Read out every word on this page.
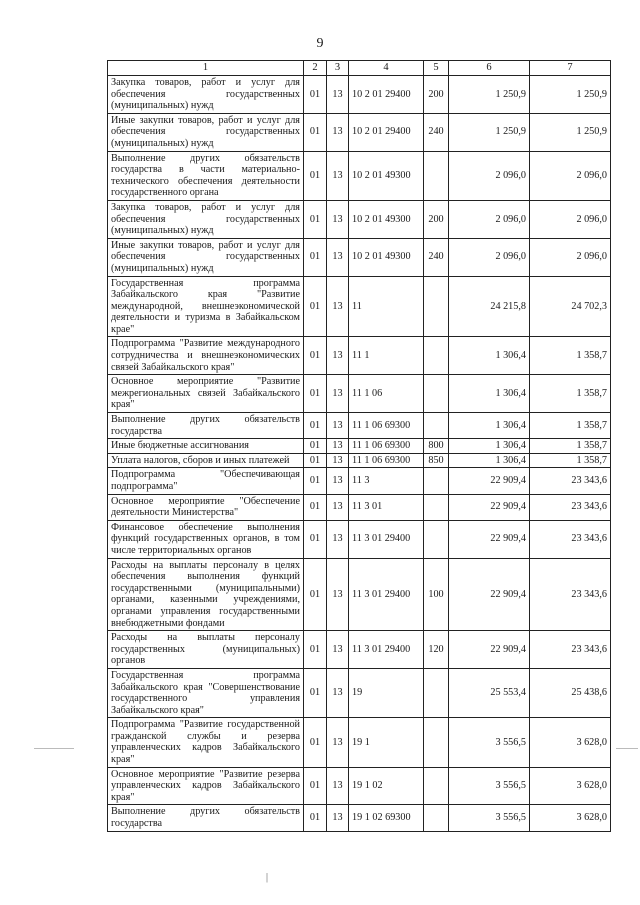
9
1	2	3	4	5	6	7
Закупка товаров, работ и услуг для обеспечения государственных (муниципальных) нужд	01	13	10 2 01 29400	200	1 250,9	1 250,9
Иные закупки товаров, работ и услуг для обеспечения государственных (муниципальных) нужд	01	13	10 2 01 29400	240	1 250,9	1 250,9
Выполнение других обязательств государства в части материально-технического обеспечения деятельности государственного органа	01	13	10 2 01 49300		2 096,0	2 096,0
Закупка товаров, работ и услуг для обеспечения государственных (муниципальных) нужд	01	13	10 2 01 49300	200	2 096,0	2 096,0
Иные закупки товаров, работ и услуг для обеспечения государственных (муниципальных) нужд	01	13	10 2 01 49300	240	2 096,0	2 096,0
Государственная программа Забайкальского края "Развитие международной, внешнеэкономической деятельности и туризма в Забайкальском крае"	01	13	11		24 215,8	24 702,3
Подпрограмма "Развитие международного сотрудничества и внешнеэкономических связей Забайкальского края"	01	13	11 1		1 306,4	1 358,7
Основное мероприятие "Развитие межрегиональных связей Забайкальского края"	01	13	11 1 06		1 306,4	1 358,7
Выполнение других обязательств государства	01	13	11 1 06 69300		1 306,4	1 358,7
Иные бюджетные ассигнования	01	13	11 1 06 69300	800	1 306,4	1 358,7
Уплата налогов, сборов и иных платежей	01	13	11 1 06 69300	850	1 306,4	1 358,7
Подпрограмма "Обеспечивающая подпрограмма"	01	13	11 3		22 909,4	23 343,6
Основное мероприятие "Обеспечение деятельности Министерства"	01	13	11 3 01		22 909,4	23 343,6
Финансовое обеспечение выполнения функций государственных органов, в том числе территориальных органов	01	13	11 3 01 29400		22 909,4	23 343,6
Расходы на выплаты персоналу в целях обеспечения выполнения функций государственными (муниципальными) органами, казенными учреждениями, органами управления государственными внебюджетными фондами	01	13	11 3 01 29400	100	22 909,4	23 343,6
Расходы на выплаты персоналу государственных (муниципальных) органов	01	13	11 3 01 29400	120	22 909,4	23 343,6
Государственная программа Забайкальского края "Совершенствование государственного управления Забайкальского края"	01	13	19		25 553,4	25 438,6
Подпрограмма "Развитие государственной гражданской службы и резерва управленческих кадров Забайкальского края"	01	13	19 1		3 556,5	3 628,0
Основное мероприятие "Развитие резерва управленческих кадров Забайкальского края"	01	13	19 1 02		3 556,5	3 628,0
Выполнение других обязательств государства	01	13	19 1 02 69300		3 556,5	3 628,0
|
